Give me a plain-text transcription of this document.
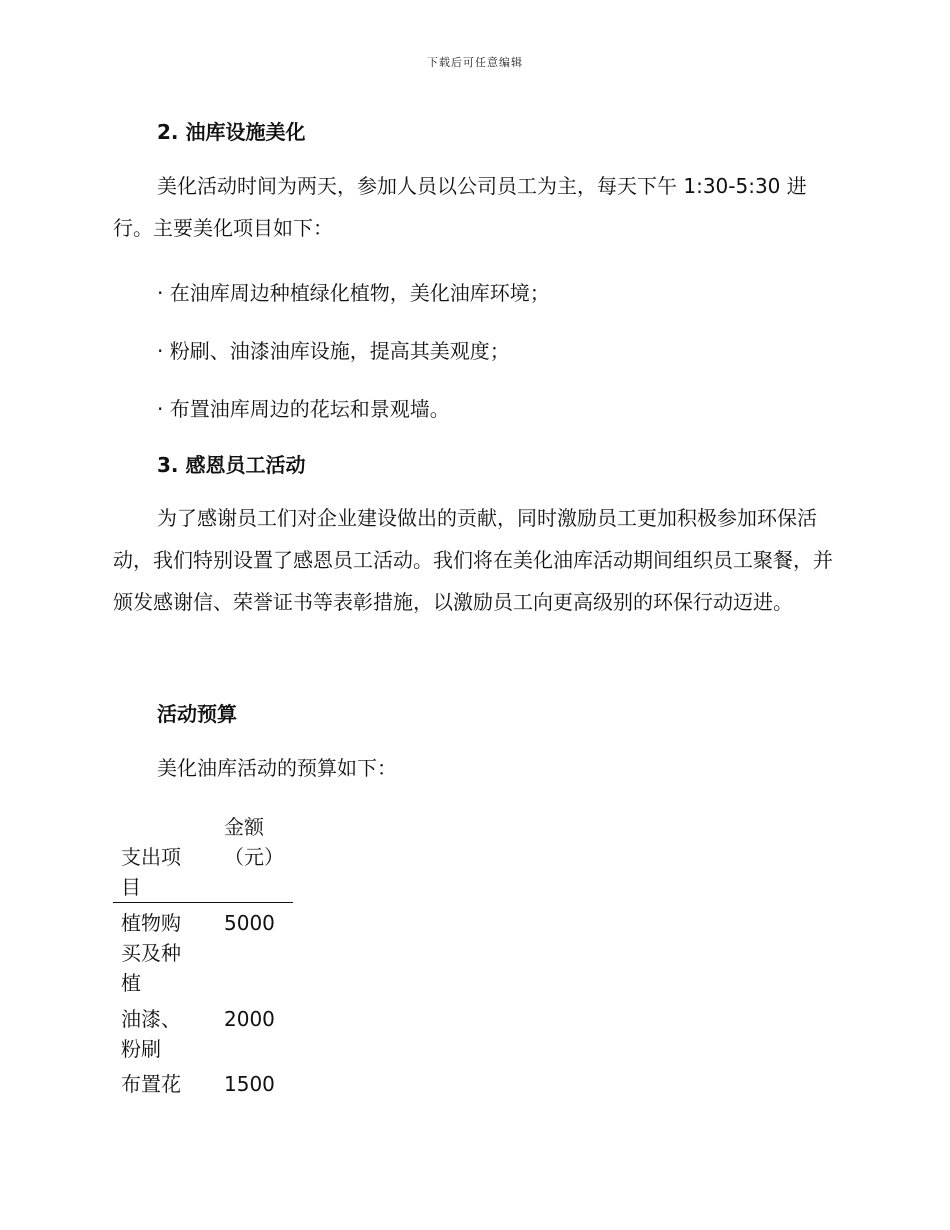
下载后可任意编辑
2. 油库设施美化

美化活动时间为两天，参加人员以公司员工为主，每天下午 1:30-5:30 进行。主要美化项目如下：

· 在油库周边种植绿化植物，美化油库环境；

· 粉刷、油漆油库设施，提高其美观度；

· 布置油库周边的花坛和景观墙。

3. 感恩员工活动

为了感谢员工们对企业建设做出的贡献，同时激励员工更加积极参加环保活动，我们特别设置了感恩员工活动。我们将在美化油库活动期间组织员工聚餐，并颁发感谢信、荣誉证书等表彰措施，以激励员工向更高级别的环保行动迈进。

活动预算

美化油库活动的预算如下：

支出项目
金额（元）
植物购买及种植
5000
油漆、粉刷
2000
布置花	1500
